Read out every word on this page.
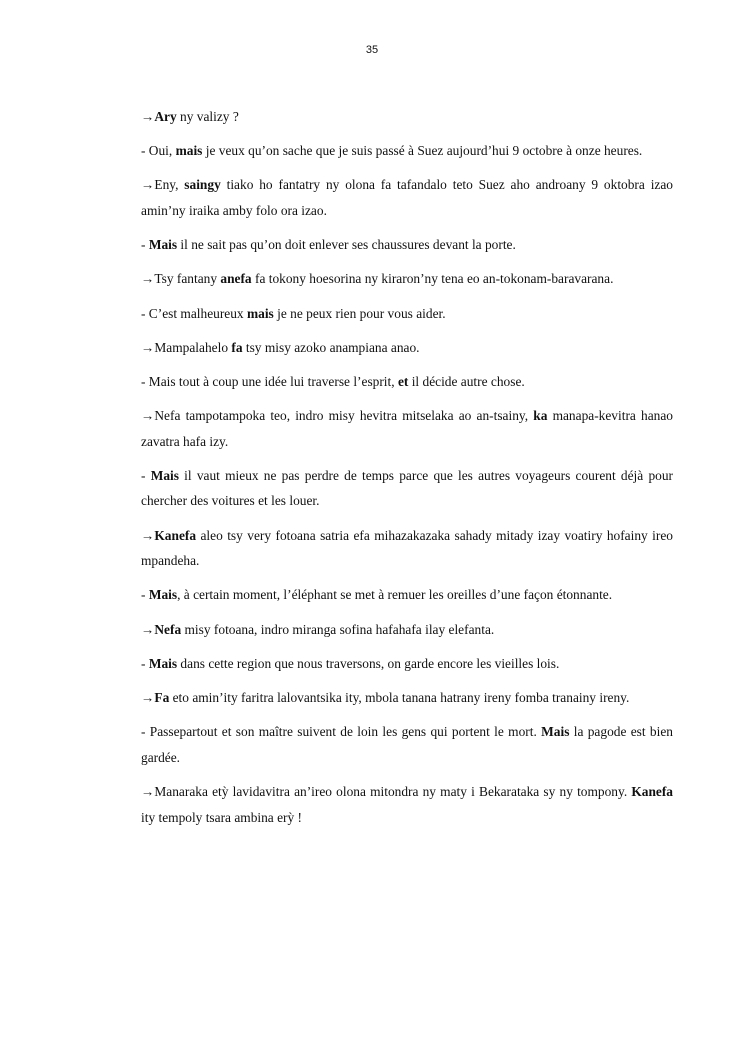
35

→Ary ny valizy ?

- Oui, mais je veux qu’on sache que je suis passé à Suez aujourd’hui 9 octobre à onze heures.

→Eny, saingy tiako ho fantatry ny olona fa tafandalo teto Suez aho androany 9 oktobra izao amin’ny iraika amby folo ora izao.

- Mais il ne sait pas qu’on doit enlever ses chaussures devant la porte.

→Tsy fantany anefa fa tokony hoesorina ny kiraron’ny tena eo an-tokonam-baravarana.

- C’est malheureux mais je ne peux rien pour vous aider.

→Mampalahelo fa tsy misy azoko anampiana anao.

- Mais tout à coup une idée lui traverse l’esprit, et il décide autre chose.

→Nefa tampotampoka teo, indro misy hevitra mitselaka ao an-tsainy, ka manapa-kevitra hanao zavatra hafa izy.

- Mais il vaut mieux ne pas perdre de temps parce que les autres voyageurs courent déjà pour chercher des voitures et les louer.

→Kanefa aleo tsy very fotoana satria efa mihazakazaka sahady mitady izay voatiry hofainy ireo mpandeha.

- Mais, à certain moment, l’éléphant se met à remuer les oreilles d’une façon étonnante.

→Nefa misy fotoana, indro miranga sofina hafahafa ilay elefanta.

- Mais dans cette region que nous traversons, on garde encore les vieilles lois.

→Fa eto amin’ity faritra lalovantsika ity, mbola tanana hatrany ireny fomba tranainy ireny.

- Passepartout et son maître suivent de loin les gens qui portent le mort. Mais la pagode est bien gardée.

→Manaraka etỳ lavidavitra an’ireo olona mitondra ny maty i Bekarataka sy ny tompony. Kanefa ity tempoly tsara ambina erỳ !
